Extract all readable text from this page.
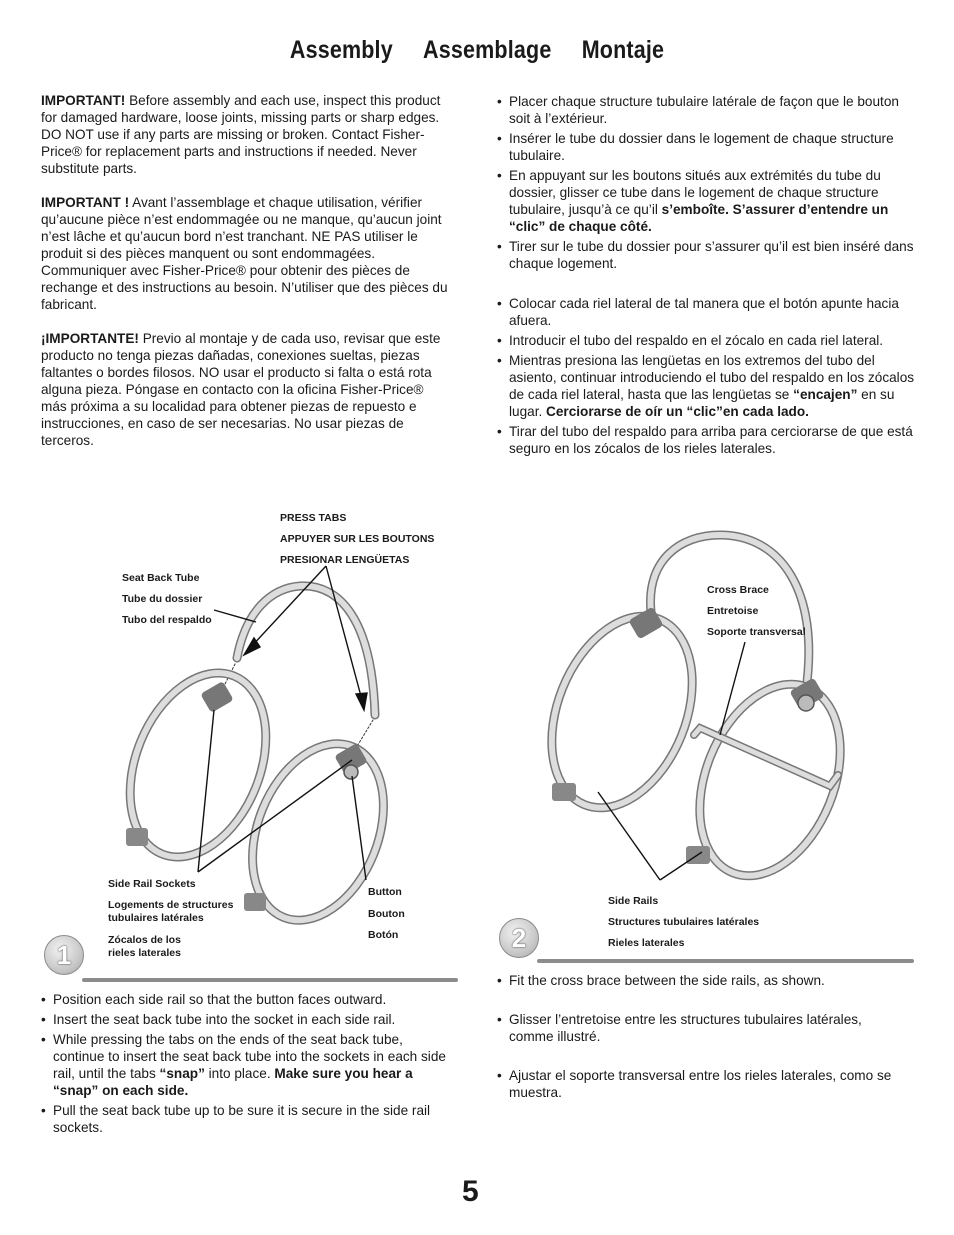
Assembly Assemblage Montaje

IMPORTANT! Before assembly and each use, inspect this product for damaged hardware, loose joints, missing parts or sharp edges. DO NOT use if any parts are missing or broken. Contact Fisher-Price® for replacement parts and instructions if needed. Never substitute parts.

IMPORTANT ! Avant l’assemblage et chaque utilisation, vérifier qu’aucune pièce n’est endommagée ou ne manque, qu’aucun joint n’est lâche et qu’aucun bord n’est tranchant. NE PAS utiliser le produit si des pièces manquent ou sont endommagées. Communiquer avec Fisher-Price® pour obtenir des pièces de rechange et des instructions au besoin. N’utiliser que des pièces du fabricant.

¡IMPORTANTE! Previo al montaje y de cada uso, revisar que este producto no tenga piezas dañadas, conexiones sueltas, piezas faltantes o bordes filosos. NO usar el producto si falta o está rota alguna pieza. Póngase en contacto con la oficina Fisher-Price® más próxima a su localidad para obtener piezas de repuesto e instrucciones, en caso de ser necesarias. No usar piezas de terceros.

• Placer chaque structure tubulaire latérale de façon que le bouton soit à l’extérieur.
• Insérer le tube du dossier dans le logement de chaque structure tubulaire.
• En appuyant sur les boutons situés aux extrémités du tube du dossier, glisser ce tube dans le logement de chaque structure tubulaire, jusqu’à ce qu’il s’emboîte. S’assurer d’entendre un “clic” de chaque côté.
• Tirer sur le tube du dossier pour s’assurer qu’il est bien inséré dans chaque logement.
• Colocar cada riel lateral de tal manera que el botón apunte hacia afuera.
• Introducir el tubo del respaldo en el zócalo en cada riel lateral.
• Mientras presiona las lengüetas en los extremos del tubo del asiento, continuar introduciendo el tubo del respaldo en los zócalos de cada riel lateral, hasta que las lengüetas se “encajen” en su lugar. Cerciorarse de oír un “clic”en cada lado.
• Tirar del tubo del respaldo para arriba para cerciorarse de que está seguro en los zócalos de los rieles laterales.
PRESS TABS
APPUYER SUR LES BOUTONS
PRESIONAR LENGÜETAS
Seat Back Tube
Tube du dossier
Tubo del respaldo
Side Rail Sockets
Logements de structures
tubulaires latérales
Zócalos de los
rieles laterales
Button
Bouton
Botón
Cross Brace
Entretoise
Soporte transversal
Side Rails
Structures tubulaires latérales
Rieles laterales
1
2
• Position each side rail so that the button faces outward.
• Insert the seat back tube into the socket in each side rail.
• While pressing the tabs on the ends of the seat back tube, continue to insert the seat back tube into the sockets in each side rail, until the tabs “snap” into place. Make sure you hear a “snap” on each side.
• Pull the seat back tube up to be sure it is secure in the side rail sockets.
• Fit the cross brace between the side rails, as shown.
• Glisser l’entretoise entre les structures tubulaires latérales, comme illustré.
• Ajustar el soporte transversal entre los rieles laterales, como se muestra.
5
